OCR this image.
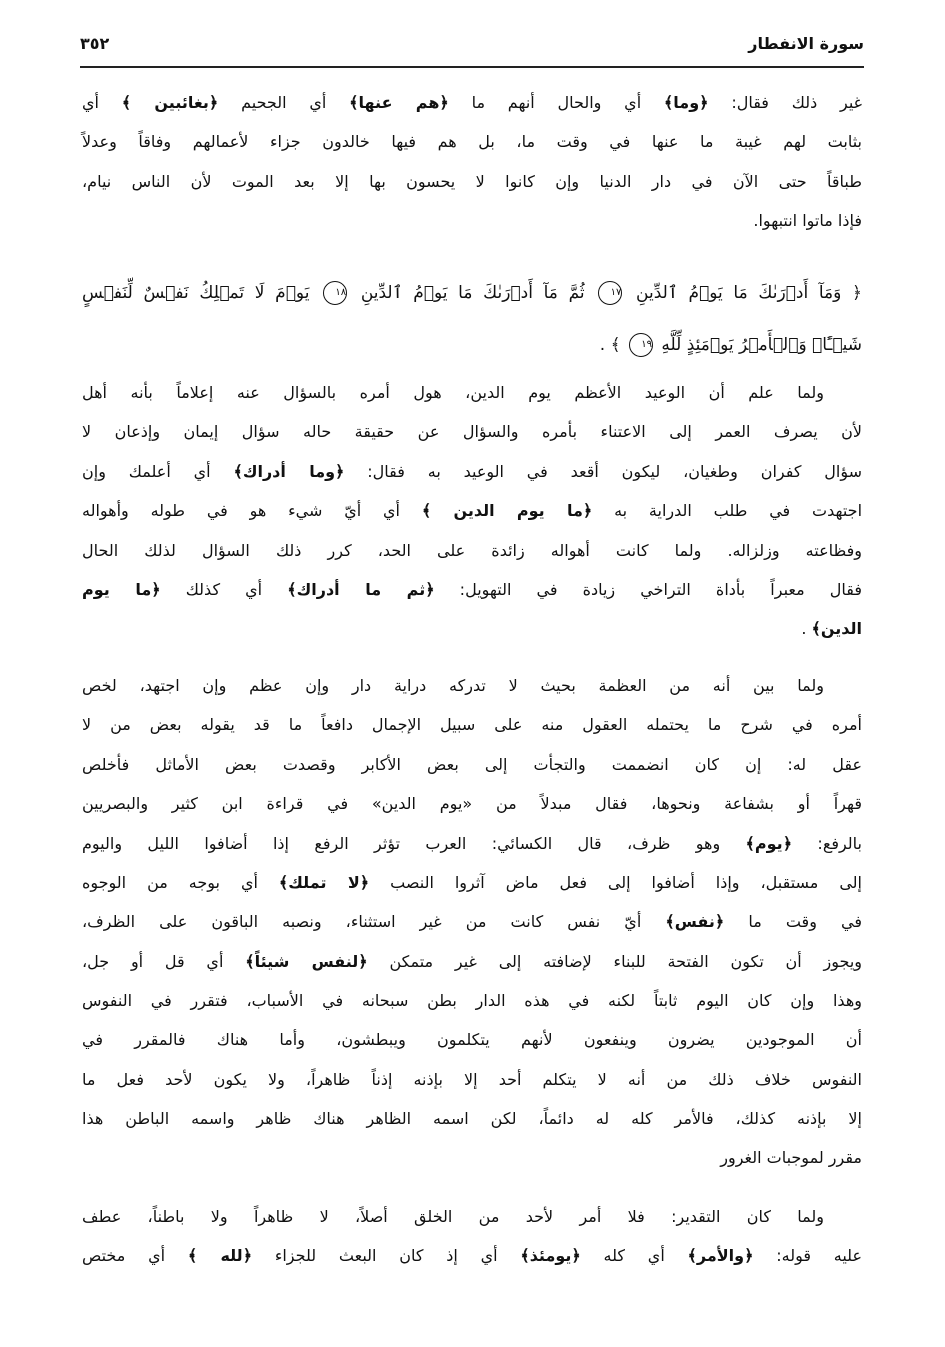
سورة الانفطار
٣٥٢
غير ذلك فقال: ﴿وما﴾ أي والحال أنهم ما ﴿هم عنها﴾ أي الجحيم ﴿بغائبين ﴾ أي
بثابت لهم غيبة ما عنها في وقت ما، بل هم فيها خالدون جزاء لأعمالهم وفاقاً وعدلاً
طباقاً حتى الآن في دار الدنيا وإن كانوا لا يحسون بها إلا بعد الموت لأن الناس نيام،
فإذا ماتوا انتبهوا.
﴿ وَمَآ أَدۡرَىٰكَ مَا يَوۡمُ ٱلدِّينِ ١٧ ثُمَّ مَآ أَدۡرَىٰكَ مَا يَوۡمُ ٱلدِّينِ ١٨ يَوۡمَ لَا تَمۡلِكُ نَفۡسٌ لِّنَفۡسٍ
شَيۡـًٔاۖ وَٱلۡأَمۡرُ يَوۡمَئِذٍ لِّلَّهِ ١٩ ﴾ .
ولما علم أن الوعيد الأعظم يوم الدين، هول أمره بالسؤال عنه إعلاماً بأنه أهل
لأن يصرف العمر إلى الاعتناء بأمره والسؤال عن حقيقة حاله سؤال إيمان وإذعان لا
سؤال كفران وطغيان، ليكون أقعد في الوعيد به فقال: ﴿وما أدراك﴾ أي أعلمك وإن
اجتهدت في طلب الدراية به ﴿ما يوم الدين ﴾ أي أيّ شيء هو في طوله وأهواله
وفظاعته وزلزاله. ولما كانت أهواله زائدة على الحد، كرر ذلك السؤال لذلك الحال
فقال معبراً بأداة التراخي زيادة في التهويل: ﴿ثم ما أدراك﴾ أي كذلك ﴿ما يوم
الدين﴾ .
ولما بين أنه من العظمة بحيث لا تدركه دراية دار وإن عظم وإن اجتهد، لخص
أمره في شرح ما يحتمله العقول منه على سبيل الإجمال دافعاً ما قد يقوله بعض من لا
عقل له: إن كان انضممت والتجأت إلى بعض الأكابر وقصدت بعض الأماثل فأخلص
قهراً أو بشفاعة ونحوها، فقال مبدلاً من «يوم الدين» في قراءة ابن كثير والبصريين
بالرفع: ﴿يوم﴾ وهو ظرف، قال الكسائي: العرب تؤثر الرفع إذا أضافوا الليل واليوم
إلى مستقبل، وإذا أضافوا إلى فعل ماض آثروا النصب ﴿لا تملك﴾ أي بوجه من الوجوه
في وقت ما ﴿نفس﴾ أيّ نفس كانت من غير استثناء، ونصبه الباقون على الظرف،
ويجوز أن تكون الفتحة للبناء لإضافته إلى غير متمكن ﴿لنفس شيئاً﴾ أي قل أو جل،
وهذا وإن كان اليوم ثابتاً لكنه في هذه الدار بطن سبحانه في الأسباب، فتقرر في النفوس
أن الموجودين يضرون وينفعون لأنهم يتكلمون ويبطشون، وأما هناك فالمقرر في
النفوس خلاف ذلك من أنه لا يتكلم أحد إلا بإذنه إذناً ظاهراً، ولا يكون لأحد فعل ما
إلا بإذنه كذلك، فالأمر كله له دائماً، لكن اسمه الظاهر هناك ظاهر واسمه الباطن هذا
مقرر لموجبات الغرور
ولما كان التقدير: فلا أمر لأحد من الخلق أصلاً، لا ظاهراً ولا باطناً، عطف
عليه قوله: ﴿والأمر﴾ أي كله ﴿يومئذ﴾ أي إذ كان البعث للجزاء ﴿لله ﴾ أي مختص
